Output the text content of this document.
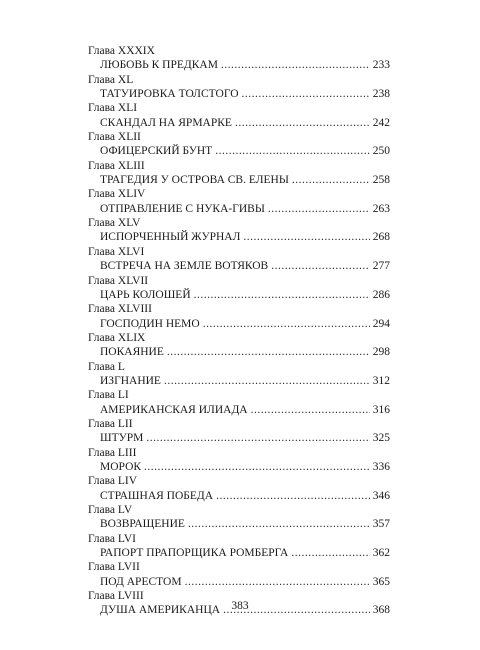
Глава XXXIX
ЛЮБОВЬ К ПРЕДКАМ .....	233
Глава XL
ТАТУИРОВКА ТОЛСТОГО .....	238
Глава XLI
СКАНДАЛ НА ЯРМАРКЕ .....	242
Глава XLII
ОФИЦЕРСКИЙ БУНТ .....	250
Глава XLIII
ТРАГЕДИЯ У ОСТРОВА СВ. ЕЛЕНЫ .....	258
Глава XLIV
ОТПРАВЛЕНИЕ С НУКА-ГИВЫ .....	263
Глава XLV
ИСПОРЧЕННЫЙ ЖУРНАЛ .....	268
Глава XLVI
ВСТРЕЧА НА ЗЕМЛЕ ВОТЯКОВ .....	277
Глава XLVII
ЦАРЬ КОЛОШЕЙ .....	286
Глава XLVIII
ГОСПОДИН НЕМО .....	294
Глава XLIX
ПОКАЯНИЕ .....	298
Глава L
ИЗГНАНИЕ .....	312
Глава LI
АМЕРИКАНСКАЯ ИЛИАДА .....	316
Глава LII
ШТУРМ .....	325
Глава LIII
МОРОК .....	336
Глава LIV
СТРАШНАЯ ПОБЕДА .....	346
Глава LV
ВОЗВРАЩЕНИЕ .....	357
Глава LVI
РАПОРТ ПРАПОРЩИКА РОМБЕРГА .....	362
Глава LVII
ПОД АРЕСТОМ .....	365
Глава LVIII
ДУША АМЕРИКАНЦА .....	368
383
